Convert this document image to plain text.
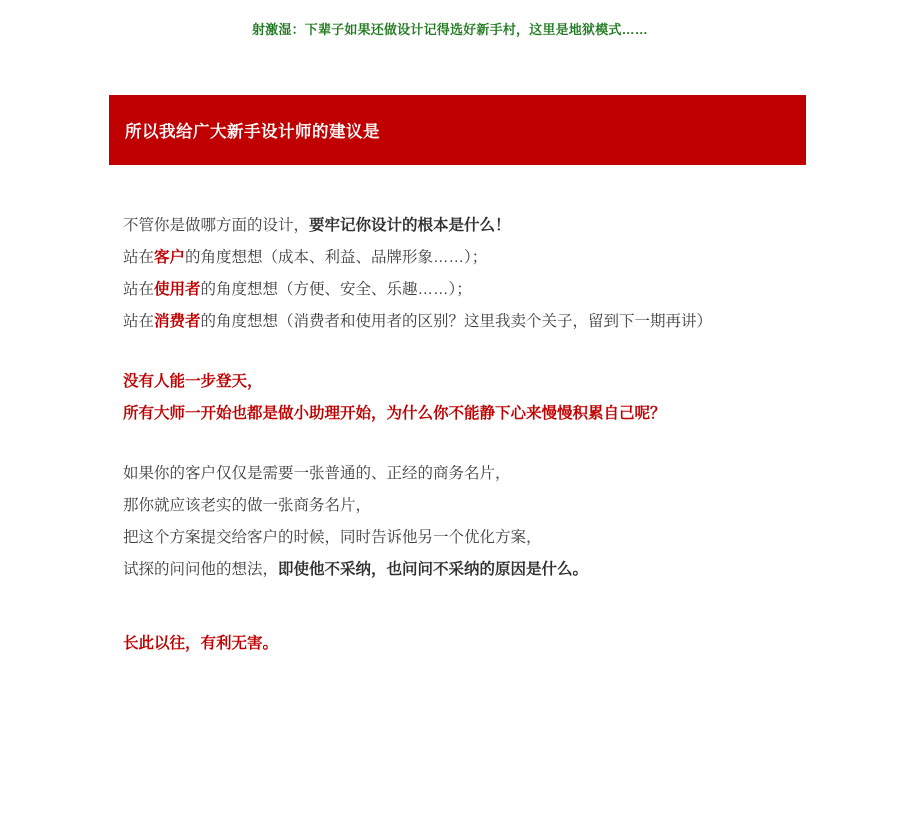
射激湿：下辈子如果还做设计记得选好新手村，这里是地狱模式……
所以我给广大新手设计师的建议是

不管你是做哪方面的设计，要牢记你设计的根本是什么！

站在客户的角度想想（成本、利益、品牌形象……）；

站在使用者的角度想想（方便、安全、乐趣……）；

站在消费者的角度想想（消费者和使用者的区别？这里我卖个关子，留到下一期再讲）

没有人能一步登天，

所有大师一开始也都是做小助理开始，为什么你不能静下心来慢慢积累自己呢？

如果你的客户仅仅是需要一张普通的、正经的商务名片，

那你就应该老实的做一张商务名片，

把这个方案提交给客户的时候，同时告诉他另一个优化方案，

试探的问问他的想法，即使他不采纳，也问问不采纳的原因是什么。

长此以往，有利无害。
